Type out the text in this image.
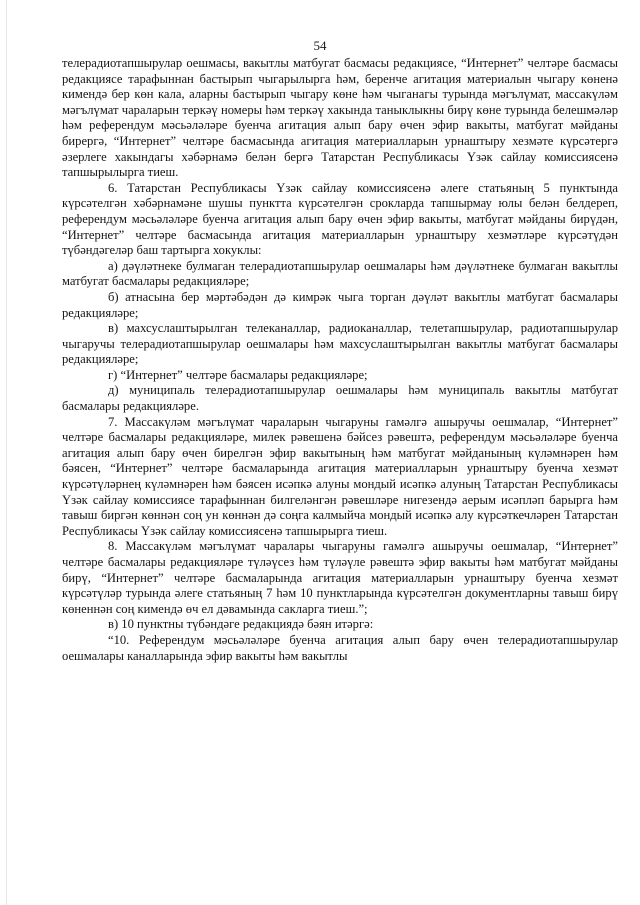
54

телерадиотапшырулар оешмасы, вакытлы матбугат басмасы редакциясе, “Интернет” челтәре басмасы редакциясе тарафыннан бастырып чыгарылырга һәм, беренче агитация материалын чыгару көненә кимендә бер көн кала, аларны бастырып чыгару көне һәм чыганагы турында мәгълүмат, массакүләм мәгълүмат чараларын теркәү номеры һәм теркәү хакында таныклыкны бирү көне турында белешмәләр һәм референдум мәсьәләләре буенча агитация алып бару өчен эфир вакыты, матбугат мәйданы бирергә, “Интернет” челтәре басмасында агитация материалларын урнаштыру хезмәте күрсәтергә әзерлеге хакындагы хәбәрнамә белән бергә Татарстан Республикасы Үзәк сайлау комиссиясенә тапшырылырга тиеш.

6. Татарстан Республикасы Үзәк сайлау комиссиясенә әлеге статьяның 5 пунктында күрсәтелгән хәбәрнамәне шушы пунктта күрсәтелгән срокларда тапшырмау юлы белән белдереп, референдум мәсьәләләре буенча агитация алып бару өчен эфир вакыты, матбугат мәйданы бирүдән, “Интернет” челтәре басмасында агитация материалларын урнаштыру хезмәтләре күрсәтүдән түбәндәгеләр баш тартырга хокуклы:

а) дәүләтнеке булмаган телерадиотапшырулар оешмалары һәм дәүләтнеке булмаган вакытлы матбугат басмалары редакцияләре;

б) атнасына бер мәртәбәдән дә кимрәк чыга торган дәүләт вакытлы матбугат басмалары редакцияләре;

в) махсуслаштырылган телеканаллар, радиоканаллар, телетапшырулар, радиотапшырулар чыгаручы телерадиотапшырулар оешмалары һәм махсуслаштырылган вакытлы матбугат басмалары редакцияләре;

г) “Интернет” челтәре басмалары редакцияләре;

д) муниципаль телерадиотапшырулар оешмалары һәм муниципаль вакытлы матбугат басмалары редакцияләре.

7. Массакүләм мәгълүмат чараларын чыгаруны гамәлгә ашыручы оешмалар, “Интернет” челтәре басмалары редакцияләре, милек рәвешенә бәйсез рәвештә, референдум мәсьәләләре буенча агитация алып бару өчен бирелгән эфир вакытының һәм матбугат мәйданының күләмнәрен һәм бәясен, “Интернет” челтәре басмаларында агитация материалларын урнаштыру буенча хезмәт күрсәтүләрнең күләмнәрен һәм бәясен исәпкә алуны мондый исәпкә алуның Татарстан Республикасы Үзәк сайлау комиссиясе тарафыннан билгеләнгән рәвешләре нигезендә аерым исәпләп барырга һәм тавыш биргән көннән соң ун көннән дә соңга калмыйча мондый исәпкә алу күрсәткечләрен Татарстан Республикасы Үзәк сайлау комиссиясенә тапшырырга тиеш.

8. Массакүләм мәгълүмат чаралары чыгаруны гамәлгә ашыручы оешмалар, “Интернет” челтәре басмалары редакцияләре түләүсез һәм түләүле рәвештә эфир вакыты һәм матбугат мәйданы бирү, “Интернет” челтәре басмаларында агитация материалларын урнаштыру буенча хезмәт күрсәтүләр турында әлеге статьяның 7 һәм 10 пунктларында күрсәтелгән документларны тавыш бирү көненнән соң кимендә өч ел дәвамында сакларга тиеш.”;

в) 10 пунктны түбәндәге редакциядә бәян итәргә:

“10. Референдум мәсьәләләре буенча агитация алып бару өчен телерадиотапшырулар оешмалары каналларында эфир вакыты һәм вакытлы
